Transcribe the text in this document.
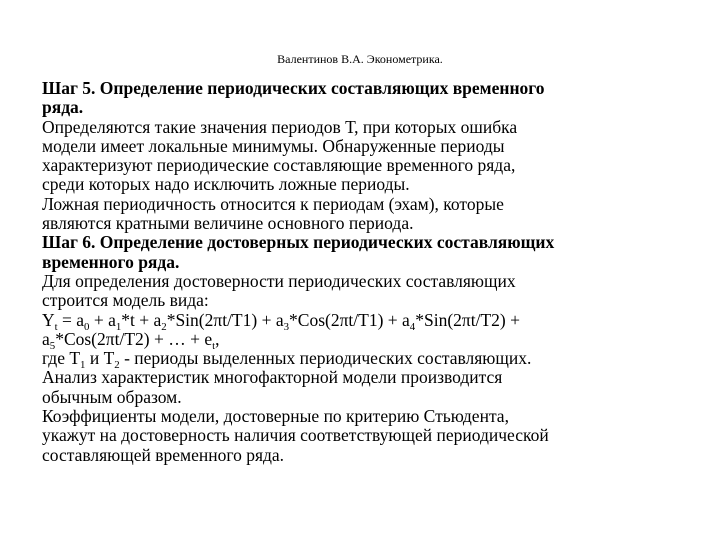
Валентинов В.А. Эконометрика.
Шаг 5. Определение периодических составляющих временного
ряда.
Определяются такие значения периодов Т, при которых ошибка
модели имеет локальные минимумы. Обнаруженные периоды
характеризуют периодические составляющие временного ряда,
среди которых надо исключить ложные периоды.
Ложная периодичность относится к периодам (эхам), которые
являются кратными величине основного периода.
Шаг 6. Определение достоверных периодических составляющих
временного ряда.
Для определения достоверности периодических составляющих
строится модель вида:
$Y_t = a_0 + a_1*t + a_2*Sin(2\pi t/T1) + a_3*Cos(2\pi t/T1) + a_4*Sin(2\pi t/T2)$ +
$a_5*Cos(2\pi t/T2)$ + … + $e_t$,
где $Т_1$ и $Т_2$ - периоды выделенных периодических составляющих.
Анализ характеристик многофакторной модели производится
обычным образом.
Коэффициенты модели, достоверные по критерию Стьюдента,
укажут на достоверность наличия соответствующей периодической
составляющей временного ряда.
